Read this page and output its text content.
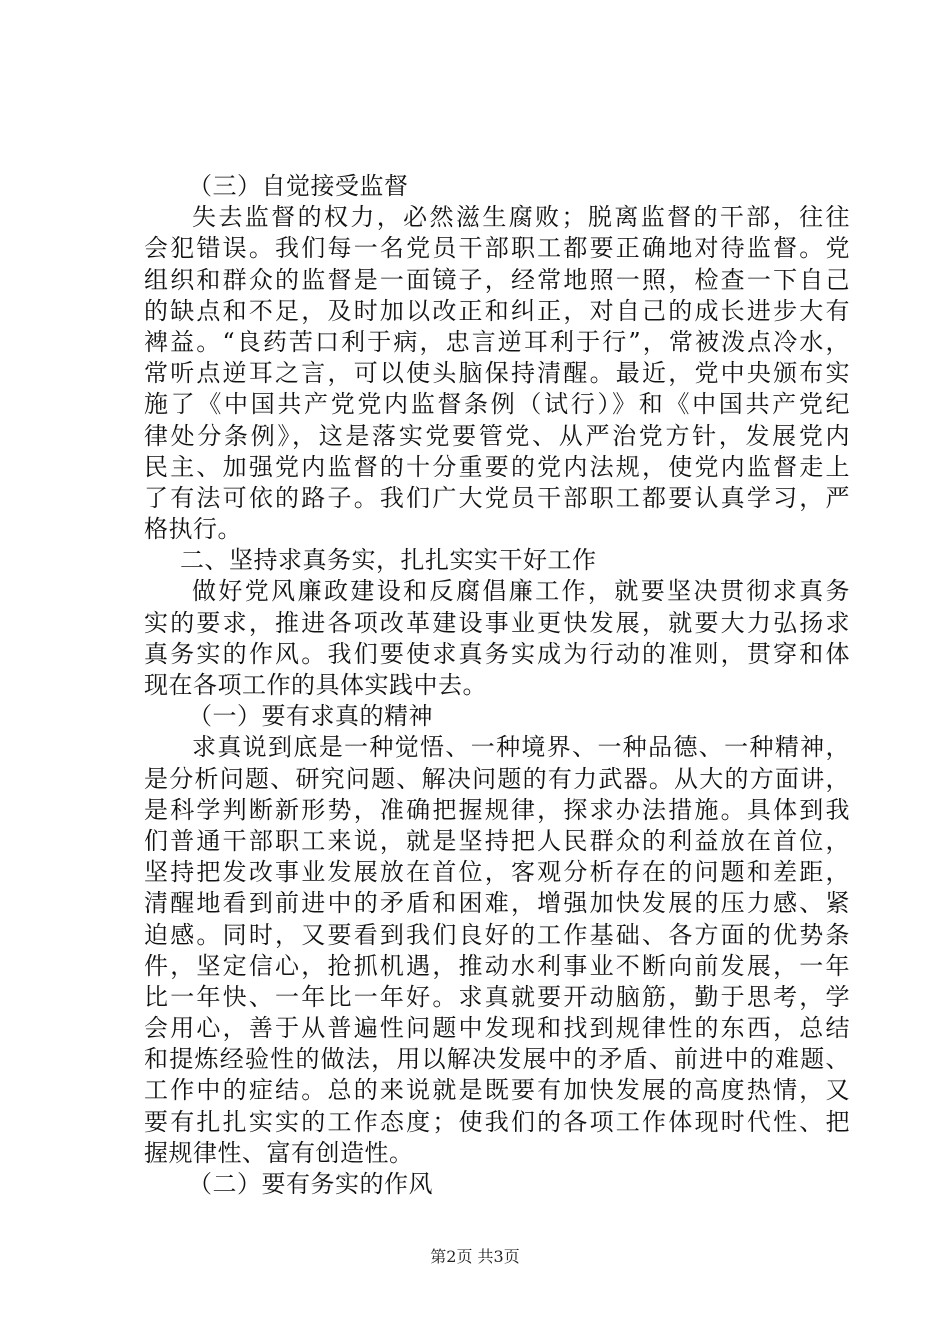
（三）自觉接受监督
失去监督的权力，必然滋生腐败；脱离监督的干部，往往
会犯错误。我们每一名党员干部职工都要正确地对待监督。党
组织和群众的监督是一面镜子，经常地照一照，检查一下自己
的缺点和不足，及时加以改正和纠正，对自己的成长进步大有
裨益。“良药苦口利于病，忠言逆耳利于行”，常被泼点冷水，
常听点逆耳之言，可以使头脑保持清醒。最近，党中央颁布实
施了《中国共产党党内监督条例（试行）》和《中国共产党纪
律处分条例》，这是落实党要管党、从严治党方针，发展党内
民主、加强党内监督的十分重要的党内法规，使党内监督走上
了有法可依的路子。我们广大党员干部职工都要认真学习，严
格执行。
二、坚持求真务实，扎扎实实干好工作
做好党风廉政建设和反腐倡廉工作，就要坚决贯彻求真务
实的要求，推进各项改革建设事业更快发展，就要大力弘扬求
真务实的作风。我们要使求真务实成为行动的准则，贯穿和体
现在各项工作的具体实践中去。
（一）要有求真的精神
求真说到底是一种觉悟、一种境界、一种品德、一种精神，
是分析问题、研究问题、解决问题的有力武器。从大的方面讲，
是科学判断新形势，准确把握规律，探求办法措施。具体到我
们普通干部职工来说，就是坚持把人民群众的利益放在首位，
坚持把发改事业发展放在首位，客观分析存在的问题和差距，
清醒地看到前进中的矛盾和困难，增强加快发展的压力感、紧
迫感。同时，又要看到我们良好的工作基础、各方面的优势条
件，坚定信心，抢抓机遇，推动水利事业不断向前发展，一年
比一年快、一年比一年好。求真就要开动脑筋，勤于思考，学
会用心，善于从普遍性问题中发现和找到规律性的东西，总结
和提炼经验性的做法，用以解决发展中的矛盾、前进中的难题、
工作中的症结。总的来说就是既要有加快发展的高度热情，又
要有扎扎实实的工作态度；使我们的各项工作体现时代性、把
握规律性、富有创造性。
（二）要有务实的作风
第2页 共3页
